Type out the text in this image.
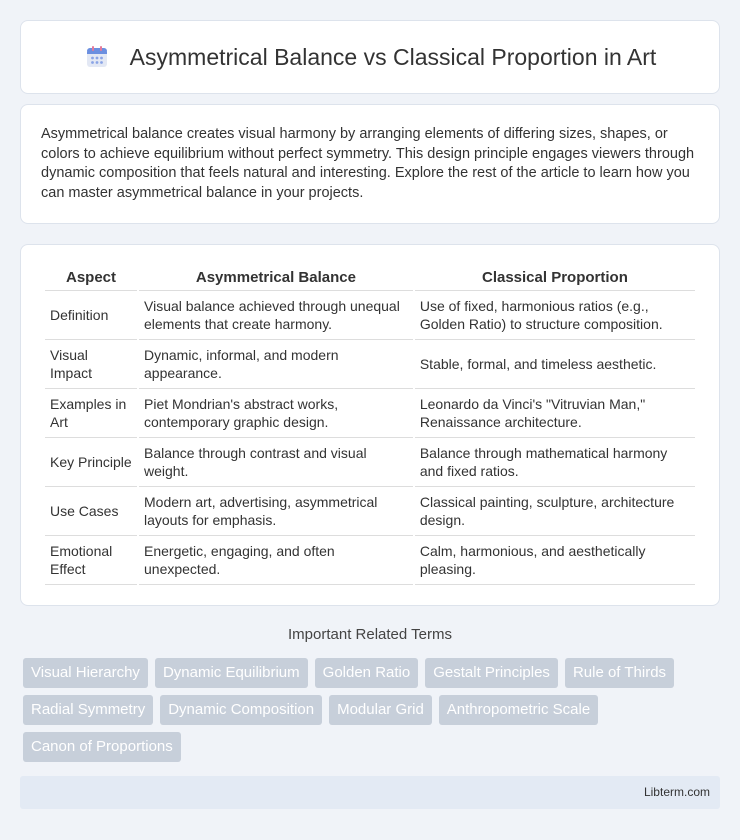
Asymmetrical Balance vs Classical Proportion in Art

Asymmetrical balance creates visual harmony by arranging elements of differing sizes, shapes, or colors to achieve equilibrium without perfect symmetry. This design principle engages viewers through dynamic composition that feels natural and interesting. Explore the rest of the article to learn how you can master asymmetrical balance in your projects.

Aspect	Asymmetrical Balance	Classical Proportion
Definition	Visual balance achieved through unequal elements that create harmony.	Use of fixed, harmonious ratios (e.g., Golden Ratio) to structure composition.
Visual Impact	Dynamic, informal, and modern appearance.	Stable, formal, and timeless aesthetic.
Examples in Art	Piet Mondrian's abstract works, contemporary graphic design.	Leonardo da Vinci's "Vitruvian Man," Renaissance architecture.
Key Principle	Balance through contrast and visual weight.	Balance through mathematical harmony and fixed ratios.
Use Cases	Modern art, advertising, asymmetrical layouts for emphasis.	Classical painting, sculpture, architecture design.
Emotional Effect	Energetic, engaging, and often unexpected.	Calm, harmonious, and aesthetically pleasing.
Important Related Terms
Visual Hierarchy	Dynamic Equilibrium	Golden Ratio	Gestalt Principles	Rule of Thirds
Radial Symmetry	Dynamic Composition	Modular Grid	Anthropometric Scale
Canon of Proportions
Libterm.com
